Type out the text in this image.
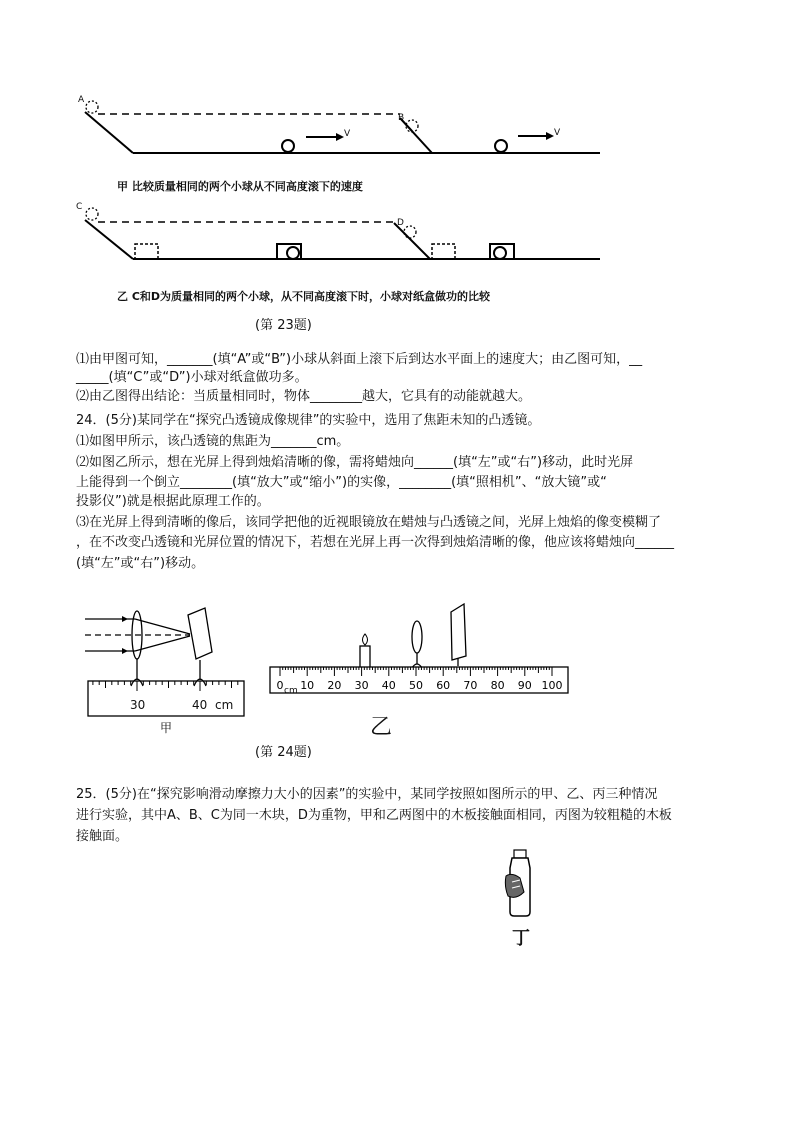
A
B
V	V
甲 比较质量相同的两个小球从不同高度滚下的速度
C
D
乙 C和D为质量相同的两个小球，从不同高度滚下时，小球对纸盒做功的比较
(第 23题)
⑴由甲图可知，_______(填“A”或“B”)小球从斜面上滚下后到达水平面上的速度大；由乙图可知，__
_____(填“C”或“D”)小球对纸盒做功多。
⑵由乙图得出结论：当质量相同时，物体________越大，它具有的动能就越大。
24．(5分)某同学在“探究凸透镜成像规律”的实验中，选用了焦距未知的凸透镜。
⑴如图甲所示，该凸透镜的焦距为_______cm。
⑵如图乙所示，想在光屏上得到烛焰清晰的像，需将蜡烛向______(填“左”或“右”)移动，此时光屏
上能得到一个倒立________(填“放大”或“缩小”)的实像，________(填“照相机”、“放大镜”或“
投影仪”)就是根据此原理工作的。
⑶在光屏上得到清晰的像后，该同学把他的近视眼镜放在蜡烛与凸透镜之间，光屏上烛焰的像变模糊了
，在不改变凸透镜和光屏位置的情况下，若想在光屏上再一次得到烛焰清晰的像，他应该将蜡烛向______
(填“左”或“右”)移动。
30	40 cm
甲
0 10 20 30 40 50 60 70 80 90 100
cm
乙
(第 24题)
25．(5分)在“探究影响滑动摩擦力大小的因素”的实验中，某同学按照如图所示的甲、乙、丙三种情况
进行实验，其中A、B、C为同一木块，D为重物，甲和乙两图中的木板接触面相同，丙图为较粗糙的木板
接触面。
丁
